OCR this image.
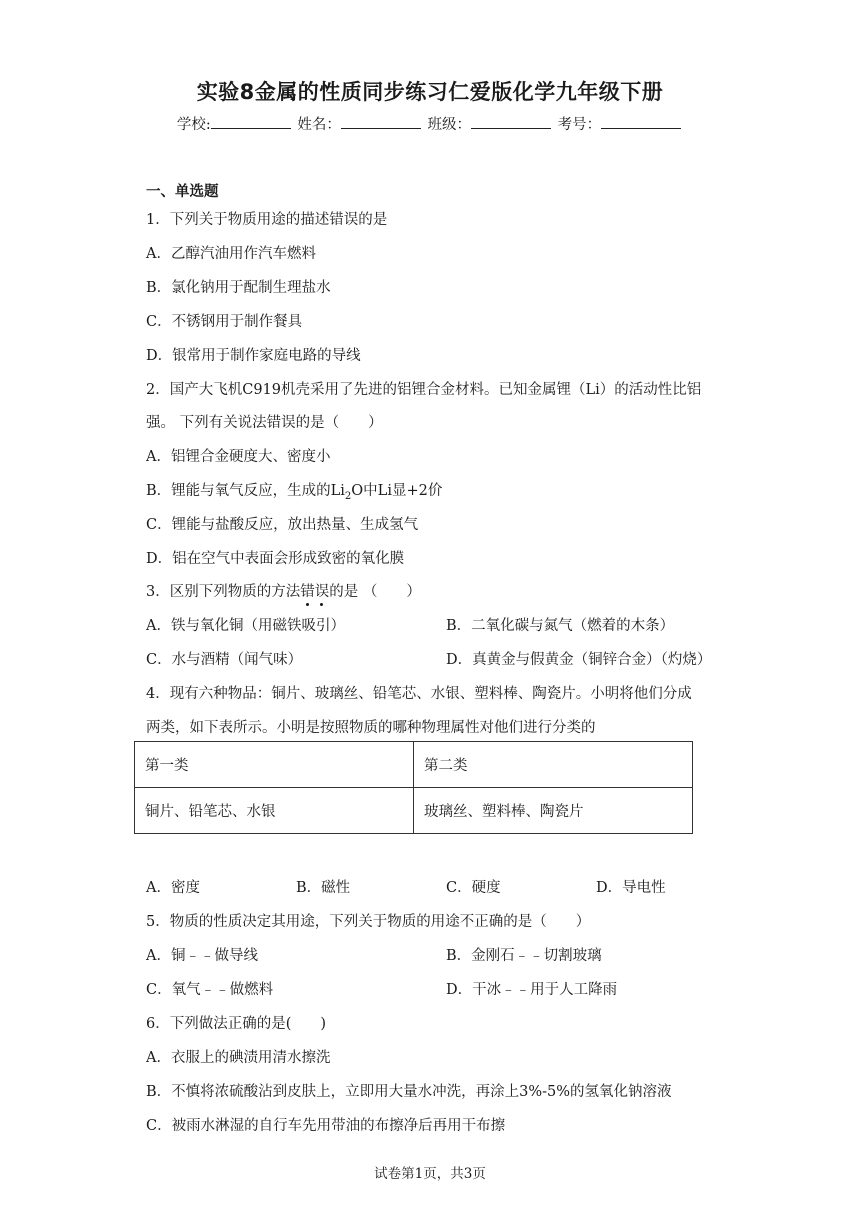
实验8金属的性质同步练习仁爱版化学九年级下册
学校:	姓名：	班级：	考号：
一、单选题
1．下列关于物质用途的描述错误的是
A．乙醇汽油用作汽车燃料
B．氯化钠用于配制生理盐水
C．不锈钢用于制作餐具
D．银常用于制作家庭电路的导线
2．国产大飞机C919机壳采用了先进的铝锂合金材料。已知金属锂（Li）的活动性比铝
强。 下列有关说法错误的是（　　）
A．铝锂合金硬度大、密度小
B．锂能与氧气反应，生成的$Li_2O$中Li显+2价
C．锂能与盐酸反应，放出热量、生成氢气
D．铝在空气中表面会形成致密的氧化膜
3．区别下列物质的方法错误的是 （　　）
A．铁与氧化铜（用磁铁吸引）	B．二氧化碳与氮气（燃着的木条）
C．水与酒精（闻气味）	D．真黄金与假黄金（铜锌合金）（灼烧）
4．现有六种物品：铜片、玻璃丝、铅笔芯、水银、塑料棒、陶瓷片。小明将他们分成
两类，如下表所示。小明是按照物质的哪种物理属性对他们进行分类的
第一类	第二类
铜片、铅笔芯、水银	玻璃丝、塑料棒、陶瓷片
A．密度	B．磁性	C．硬度	D．导电性
5．物质的性质决定其用途，下列关于物质的用途不正确的是（　　）
A．铜﹣﹣做导线	B．金刚石﹣﹣切割玻璃
C．氧气﹣﹣做燃料	D．干冰﹣﹣用于人工降雨
6．下列做法正确的是(　　)
A．衣服上的碘渍用清水擦洗
B．不慎将浓硫酸沾到皮肤上，立即用大量水冲洗，再涂上3%-5%的氢氧化钠溶液
C．被雨水淋湿的自行车先用带油的布擦净后再用干布擦
试卷第1页，共3页
